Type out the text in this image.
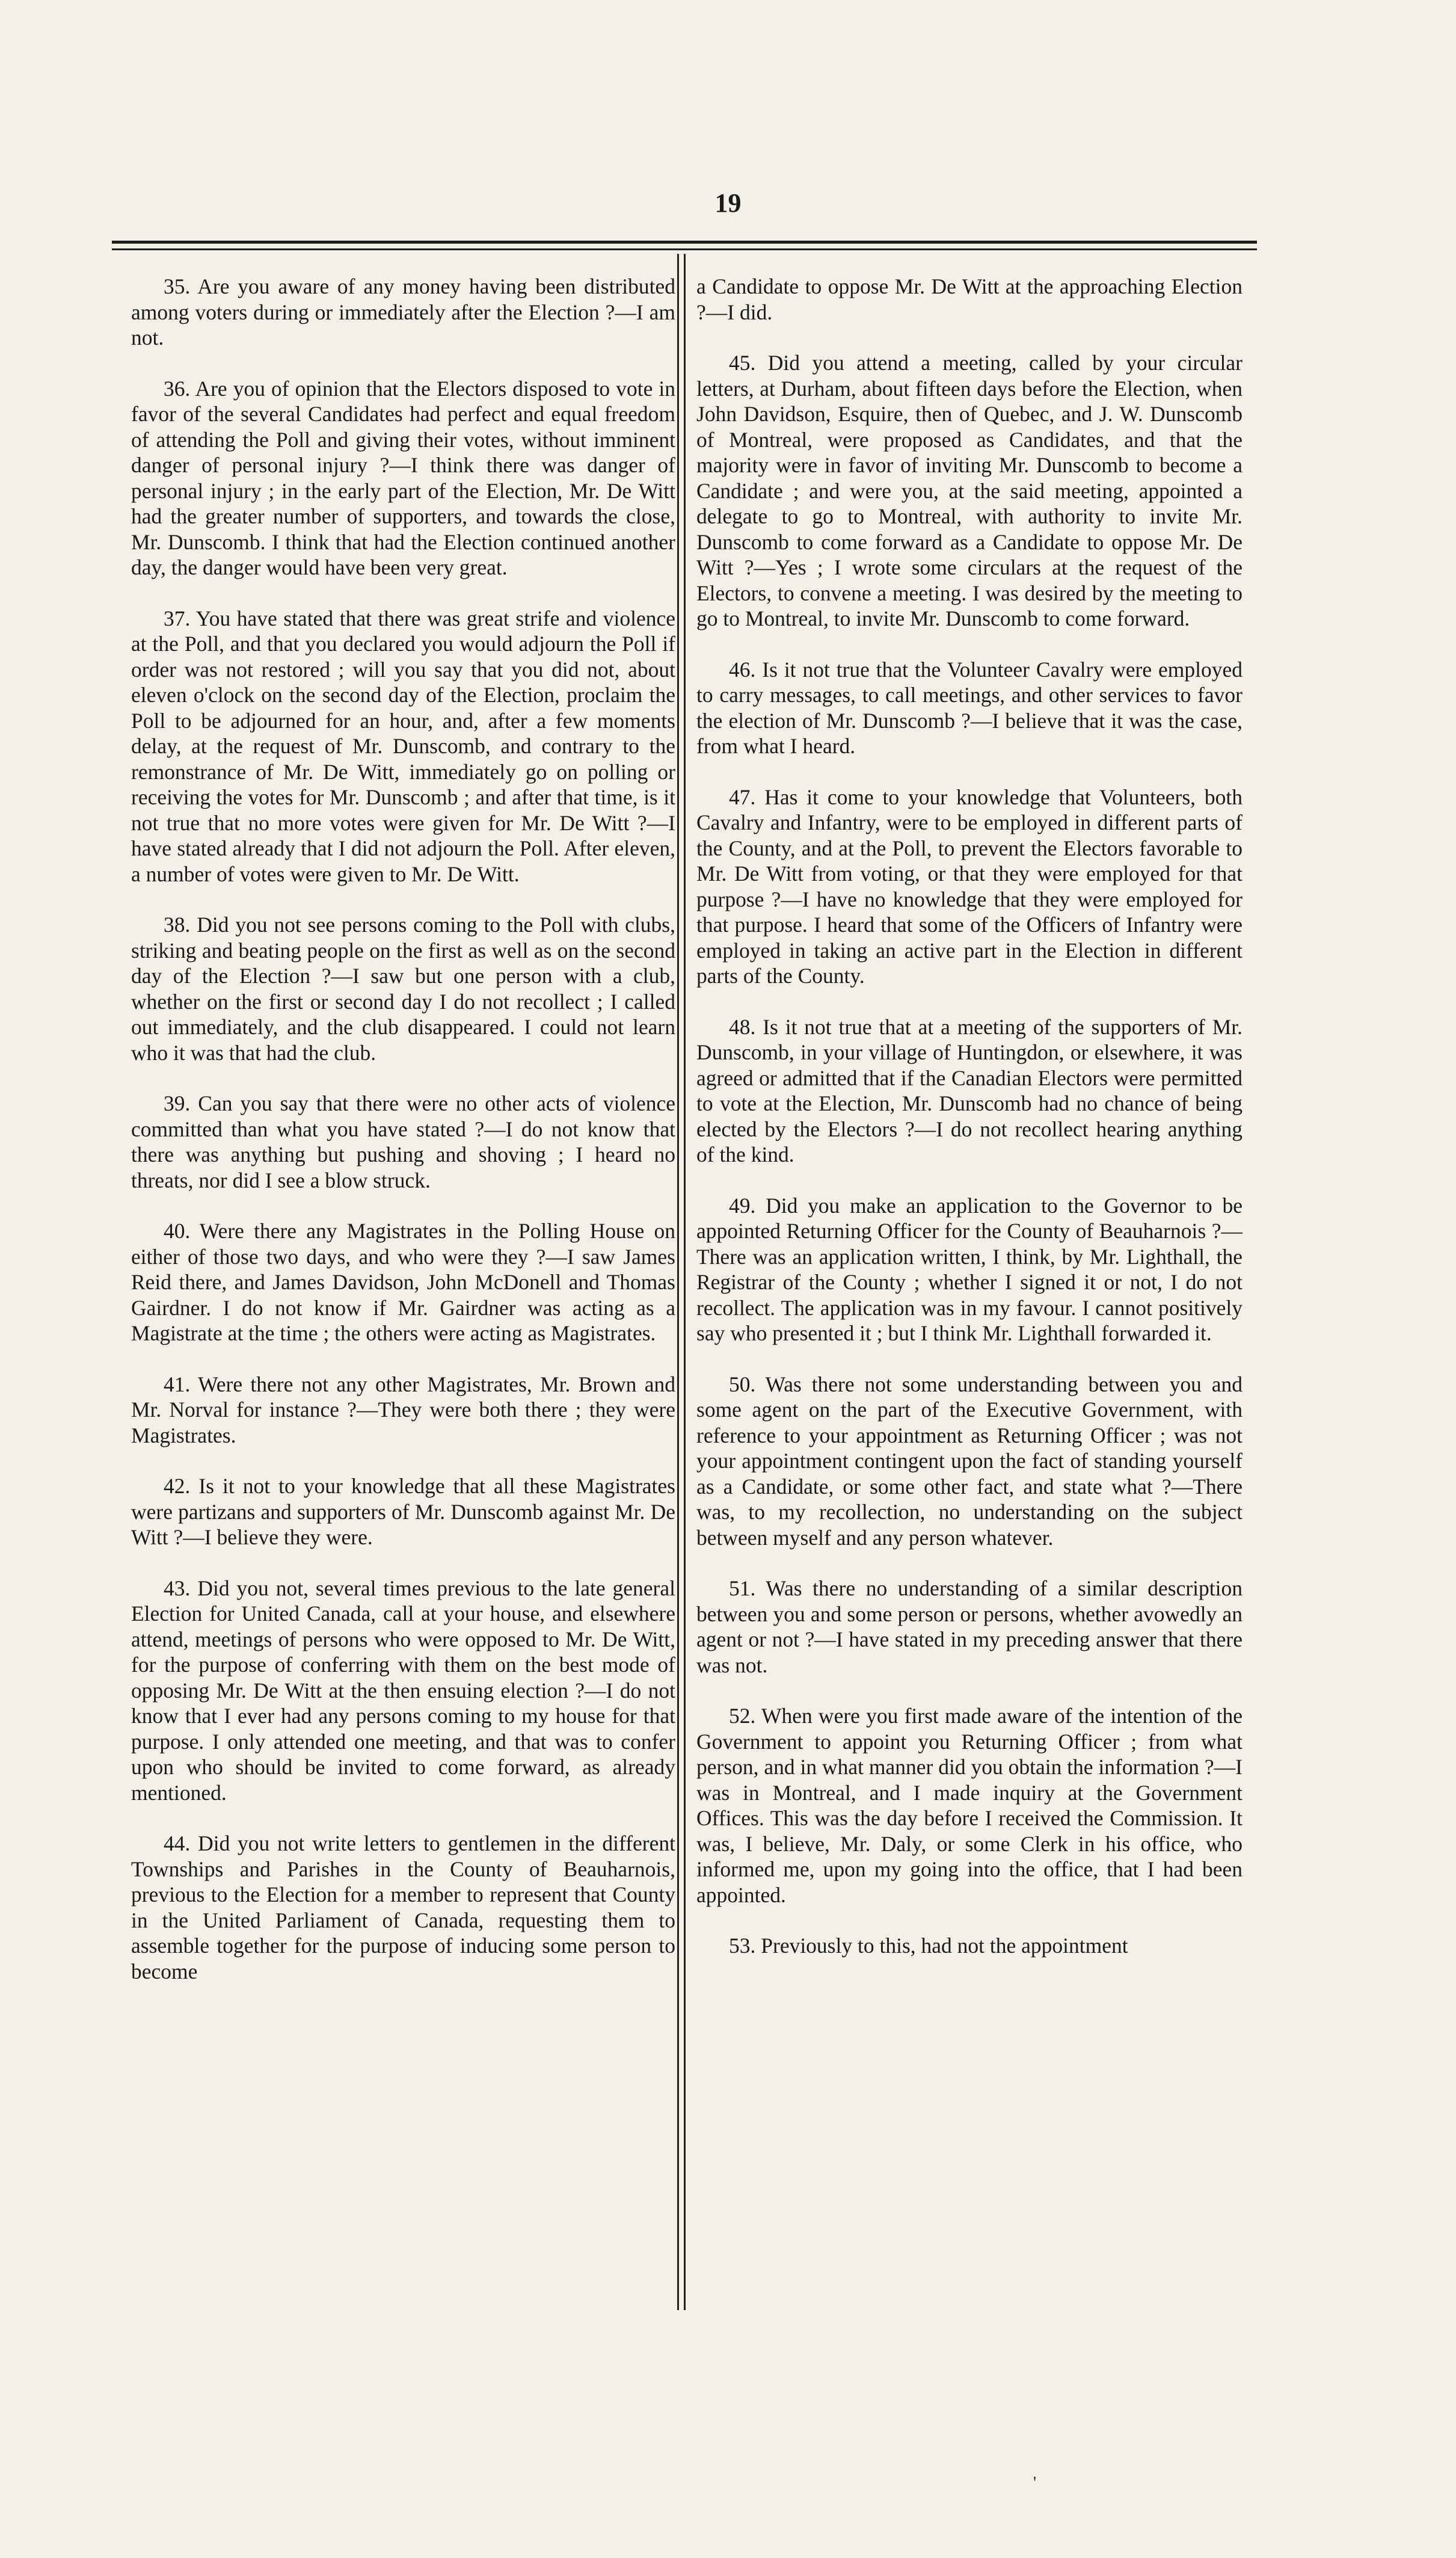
19

35. Are you aware of any money having been distributed among voters during or immediately after the Election ?—I am not.

36. Are you of opinion that the Electors disposed to vote in favor of the several Candidates had perfect and equal freedom of attending the Poll and giving their votes, without imminent danger of personal injury ?—I think there was danger of personal injury ; in the early part of the Election, Mr. De Witt had the greater number of supporters, and towards the close, Mr. Dunscomb. I think that had the Election continued another day, the danger would have been very great.

37. You have stated that there was great strife and violence at the Poll, and that you declared you would adjourn the Poll if order was not restored ; will you say that you did not, about eleven o'clock on the second day of the Election, proclaim the Poll to be adjourned for an hour, and, after a few moments delay, at the request of Mr. Dunscomb, and contrary to the remonstrance of Mr. De Witt, immediately go on polling or receiving the votes for Mr. Dunscomb ; and after that time, is it not true that no more votes were given for Mr. De Witt ?—I have stated already that I did not adjourn the Poll. After eleven, a number of votes were given to Mr. De Witt.

38. Did you not see persons coming to the Poll with clubs, striking and beating people on the first as well as on the second day of the Election ?—I saw but one person with a club, whether on the first or second day I do not recollect ; I called out immediately, and the club disappeared. I could not learn who it was that had the club.

39. Can you say that there were no other acts of violence committed than what you have stated ?—I do not know that there was anything but pushing and shoving ; I heard no threats, nor did I see a blow struck.

40. Were there any Magistrates in the Polling House on either of those two days, and who were they ?—I saw James Reid there, and James Davidson, John McDonell and Thomas Gairdner. I do not know if Mr. Gairdner was acting as a Magistrate at the time ; the others were acting as Magistrates.

41. Were there not any other Magistrates, Mr. Brown and Mr. Norval for instance ?—They were both there ; they were Magistrates.

42. Is it not to your knowledge that all these Magistrates were partizans and supporters of Mr. Dunscomb against Mr. De Witt ?—I believe they were.

43. Did you not, several times previous to the late general Election for United Canada, call at your house, and elsewhere attend, meetings of persons who were opposed to Mr. De Witt, for the purpose of conferring with them on the best mode of opposing Mr. De Witt at the then ensuing election ?—I do not know that I ever had any persons coming to my house for that purpose. I only attended one meeting, and that was to confer upon who should be invited to come forward, as already mentioned.

44. Did you not write letters to gentlemen in the different Townships and Parishes in the County of Beauharnois, previous to the Election for a member to represent that County in the United Parliament of Canada, requesting them to assemble together for the purpose of inducing some person to become

a Candidate to oppose Mr. De Witt at the approaching Election ?—I did.

45. Did you attend a meeting, called by your circular letters, at Durham, about fifteen days before the Election, when John Davidson, Esquire, then of Quebec, and J. W. Dunscomb of Montreal, were proposed as Candidates, and that the majority were in favor of inviting Mr. Dunscomb to become a Candidate ; and were you, at the said meeting, appointed a delegate to go to Montreal, with authority to invite Mr. Dunscomb to come forward as a Candidate to oppose Mr. De Witt ?—Yes ; I wrote some circulars at the request of the Electors, to convene a meeting. I was desired by the meeting to go to Montreal, to invite Mr. Dunscomb to come forward.

46. Is it not true that the Volunteer Cavalry were employed to carry messages, to call meetings, and other services to favor the election of Mr. Dunscomb ?—I believe that it was the case, from what I heard.

47. Has it come to your knowledge that Volunteers, both Cavalry and Infantry, were to be employed in different parts of the County, and at the Poll, to prevent the Electors favorable to Mr. De Witt from voting, or that they were employed for that purpose ?—I have no knowledge that they were employed for that purpose. I heard that some of the Officers of Infantry were employed in taking an active part in the Election in different parts of the County.

48. Is it not true that at a meeting of the supporters of Mr. Dunscomb, in your village of Huntingdon, or elsewhere, it was agreed or admitted that if the Canadian Electors were permitted to vote at the Election, Mr. Dunscomb had no chance of being elected by the Electors ?—I do not recollect hearing anything of the kind.

49. Did you make an application to the Governor to be appointed Returning Officer for the County of Beauharnois ?—There was an application written, I think, by Mr. Lighthall, the Registrar of the County ; whether I signed it or not, I do not recollect. The application was in my favour. I cannot positively say who presented it ; but I think Mr. Lighthall forwarded it.

50. Was there not some understanding between you and some agent on the part of the Executive Government, with reference to your appointment as Returning Officer ; was not your appointment contingent upon the fact of standing yourself as a Candidate, or some other fact, and state what ?—There was, to my recollection, no understanding on the subject between myself and any person whatever.

51. Was there no understanding of a similar description between you and some person or persons, whether avowedly an agent or not ?—I have stated in my preceding answer that there was not.

52. When were you first made aware of the intention of the Government to appoint you Returning Officer ; from what person, and in what manner did you obtain the information ?—I was in Montreal, and I made inquiry at the Government Offices. This was the day before I received the Commission. It was, I believe, Mr. Daly, or some Clerk in his office, who informed me, upon my going into the office, that I had been appointed.

53. Previously to this, had not the appointment

'
